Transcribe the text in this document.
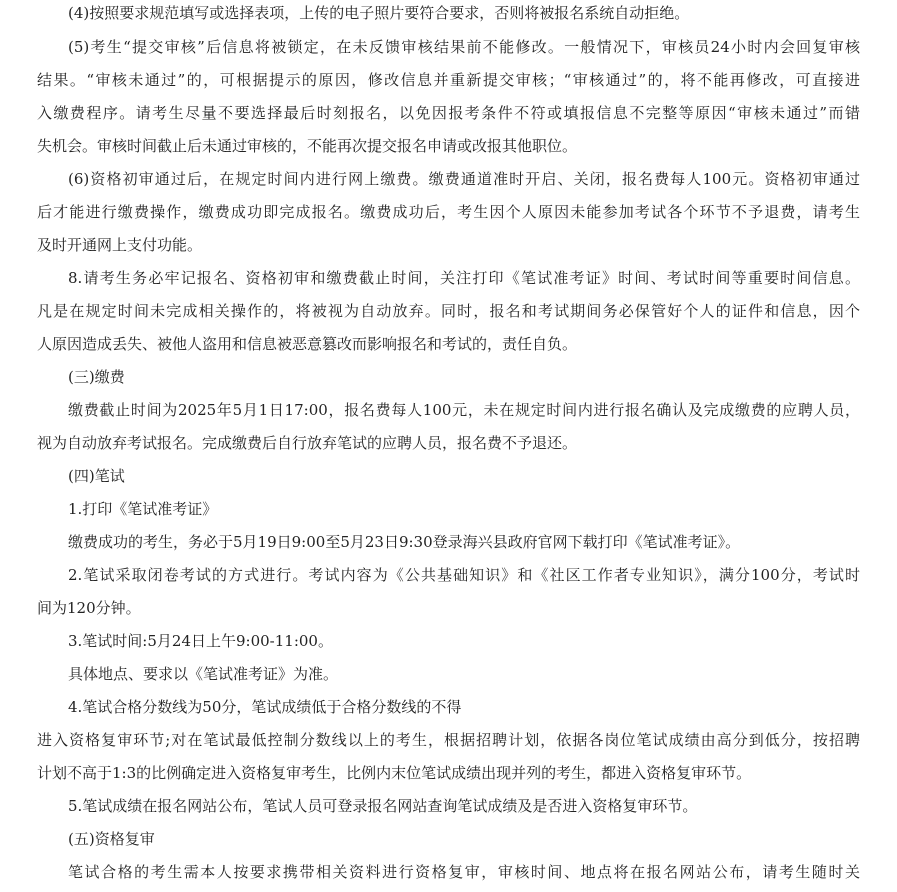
(4)按照要求规范填写或选择表项，上传的电子照片要符合要求，否则将被报名系统自动拒绝。

(5)考生“提交审核”后信息将被锁定，在未反馈审核结果前不能修改。一般情况下，审核员24小时内会回复审核

结果。“审核未通过”的，可根据提示的原因，修改信息并重新提交审核；“审核通过”的，将不能再修改，可直接进

入缴费程序。请考生尽量不要选择最后时刻报名，以免因报考条件不符或填报信息不完整等原因“审核未通过”而错

失机会。审核时间截止后未通过审核的，不能再次提交报名申请或改报其他职位。

(6)资格初审通过后，在规定时间内进行网上缴费。缴费通道准时开启、关闭，报名费每人100元。资格初审通过

后才能进行缴费操作，缴费成功即完成报名。缴费成功后，考生因个人原因未能参加考试各个环节不予退费，请考生

及时开通网上支付功能。

8.请考生务必牢记报名、资格初审和缴费截止时间，关注打印《笔试准考证》时间、考试时间等重要时间信息。

凡是在规定时间未完成相关操作的，将被视为自动放弃。同时，报名和考试期间务必保管好个人的证件和信息，因个

人原因造成丢失、被他人盗用和信息被恶意篡改而影响报名和考试的，责任自负。

(三)缴费

缴费截止时间为2025年5月1日17:00，报名费每人100元，未在规定时间内进行报名确认及完成缴费的应聘人员，

视为自动放弃考试报名。完成缴费后自行放弃笔试的应聘人员，报名费不予退还。

(四)笔试

1.打印《笔试准考证》

缴费成功的考生，务必于5月19日9:00至5月23日9:30登录海兴县政府官网下载打印《笔试准考证》。

2.笔试采取闭卷考试的方式进行。考试内容为《公共基础知识》和《社区工作者专业知识》，满分100分，考试时

间为120分钟。

3.笔试时间:5月24日上午9:00-11:00。

具体地点、要求以《笔试准考证》为准。

4.笔试合格分数线为50分，笔试成绩低于合格分数线的不得

进入资格复审环节;对在笔试最低控制分数线以上的考生，根据招聘计划，依据各岗位笔试成绩由高分到低分，按招聘

计划不高于1:3的比例确定进入资格复审考生，比例内末位笔试成绩出现并列的考生，都进入资格复审环节。

5.笔试成绩在报名网站公布，笔试人员可登录报名网站查询笔试成绩及是否进入资格复审环节。

(五)资格复审

笔试合格的考生需本人按要求携带相关资料进行资格复审，审核时间、地点将在报名网站公布，请考生随时关
